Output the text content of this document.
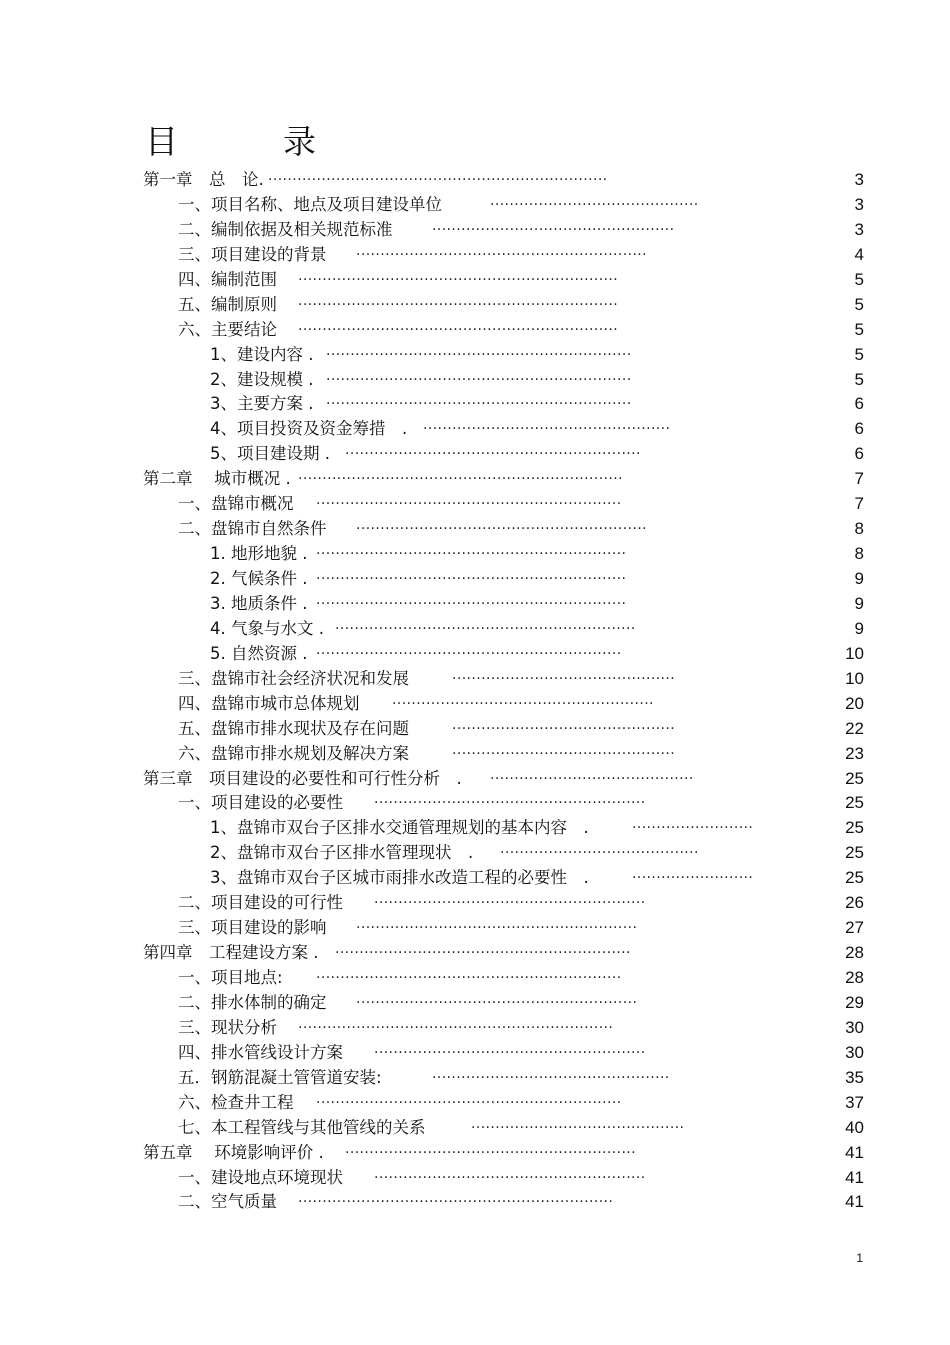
目　录
第一章　总　论. ......................................................................	3
一、项目名称、地点及项目建设单位	...........................................	3
二、编制依据及相关规范标准	..................................................	3
三、项目建设的背景 ............................................................	4
四、编制范围 ..................................................................	5
五、编制原则 ..................................................................	5
六、主要结论 ..................................................................	5
1、建设内容 . ...............................................................	5
2、建设规模 . ...............................................................	5
3、主要方案 . ...............................................................	6
4、项目投资及资金筹措　. ...................................................	6
5、项目建设期 . .............................................................	6
第二章　 城市概况 . ...................................................................	7
一、盘锦市概况 ...............................................................	7
二、盘锦市自然条件 ............................................................	8
1. 地形地貌 . ................................................................	8
2. 气候条件 . ................................................................	9
3. 地质条件 . ................................................................	9
4. 气象与水文 . ..............................................................	9
5. 自然资源 . ...............................................................	10
三、盘锦市社会经济状况和发展	..............................................	10
四、盘锦市城市总体规划 ......................................................	20
五、盘锦市排水现状及存在问题	..............................................	22
六、盘锦市排水规划及解决方案	..............................................	23
第三章　项目建设的必要性和可行性分析　. ..........................................	25
一、项目建设的必要性 ........................................................	25
1、盘锦市双台子区排水交通管理规划的基本内容　.	.........................	25
2、盘锦市双台子区排水管理现状　. .........................................	25
3、盘锦市双台子区城市雨排水改造工程的必要性　.	.........................	25
二、项目建设的可行性 ........................................................	26
三、项目建设的影响 ..........................................................	27
第四章　工程建设方案 . .............................................................	28
一、项目地点: ...............................................................	28
二、排水体制的确定 ..........................................................	29
三、现状分析 .................................................................	30
四、排水管线设计方案 ........................................................	30
五．钢筋混凝土管管道安装:	.................................................	35
六、检查井工程 ...............................................................	37
七、本工程管线与其他管线的关系	............................................	40
第五章　 环境影响评价 . ............................................................	41
一、建设地点环境现状 ........................................................	41
二、空气质量 .................................................................	41
1
